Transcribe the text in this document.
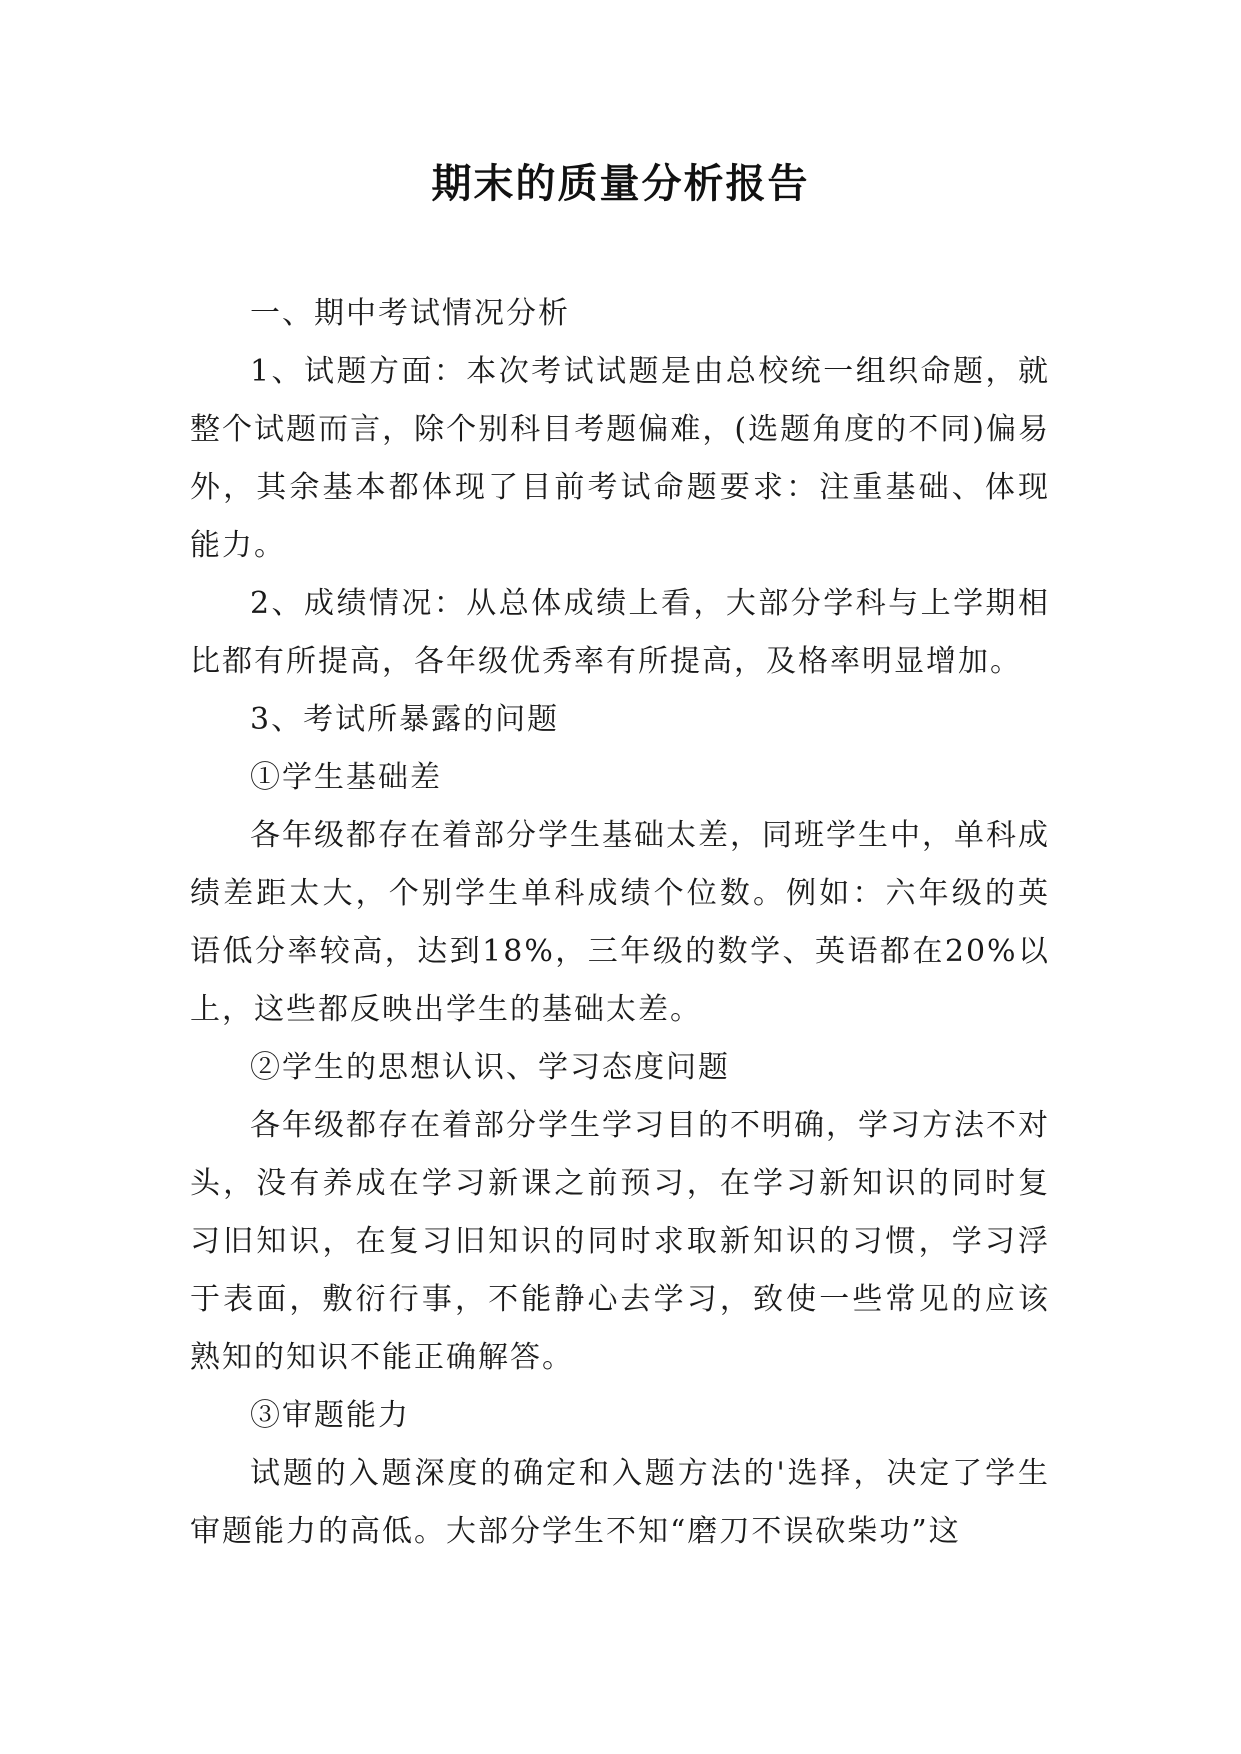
期末的质量分析报告

一、期中考试情况分析

1、试题方面：本次考试试题是由总校统一组织命题，就整个试题而言，除个别科目考题偏难，(选题角度的不同)偏易外，其余基本都体现了目前考试命题要求：注重基础、体现能力。

2、成绩情况：从总体成绩上看，大部分学科与上学期相比都有所提高，各年级优秀率有所提高，及格率明显增加。

3、考试所暴露的问题

①学生基础差

各年级都存在着部分学生基础太差，同班学生中，单科成绩差距太大，个别学生单科成绩个位数。例如：六年级的英语低分率较高，达到18%，三年级的数学、英语都在20%以上，这些都反映出学生的基础太差。

②学生的思想认识、学习态度问题

各年级都存在着部分学生学习目的不明确，学习方法不对头，没有养成在学习新课之前预习，在学习新知识的同时复习旧知识，在复习旧知识的同时求取新知识的习惯，学习浮于表面，敷衍行事，不能静心去学习，致使一些常见的应该熟知的知识不能正确解答。

③审题能力

试题的入题深度的确定和入题方法的'选择，决定了学生审题能力的高低。大部分学生不知“磨刀不误砍柴功”这
